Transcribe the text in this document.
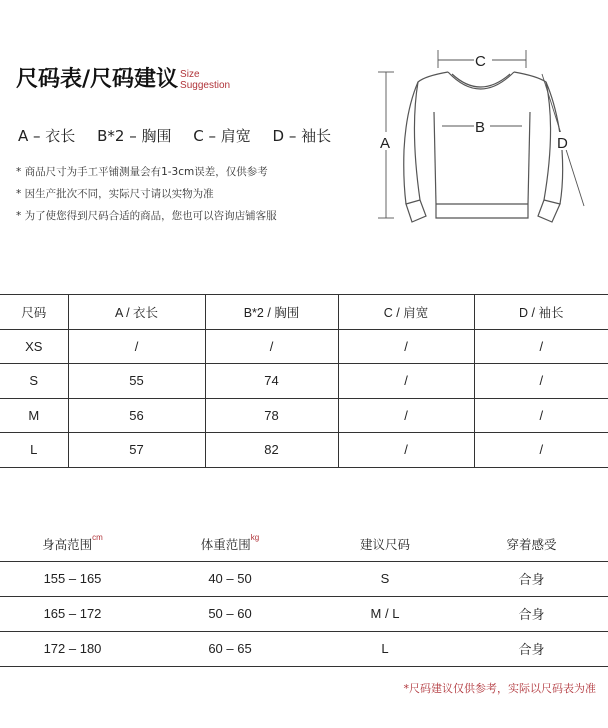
尺码表/尺码建议 Size
Suggestion
A – 衣长 B*2 – 胸围 C – 肩宽 D – 袖长
* 商品尺寸为手工平铺测量会有1-3cm误差，仅供参考
* 因生产批次不同，实际尺寸请以实物为准
* 为了使您得到尺码合适的商品，您也可以咨询店铺客服
C
A
B
D
尺码	A / 衣长	B*2 / 胸围	C / 肩宽	D / 袖长
XS	/	/	/	/
S	55	74	/	/
M	56	78	/	/
L	57	82	/	/
身高范围$^{cm}$	体重范围$^{kg}$	建议尺码	穿着感受
155 – 165	40 – 50	S	合身
165 – 172	50 – 60	M / L	合身
172 – 180	60 – 65	L	合身
*尺码建议仅供参考，实际以尺码表为准
